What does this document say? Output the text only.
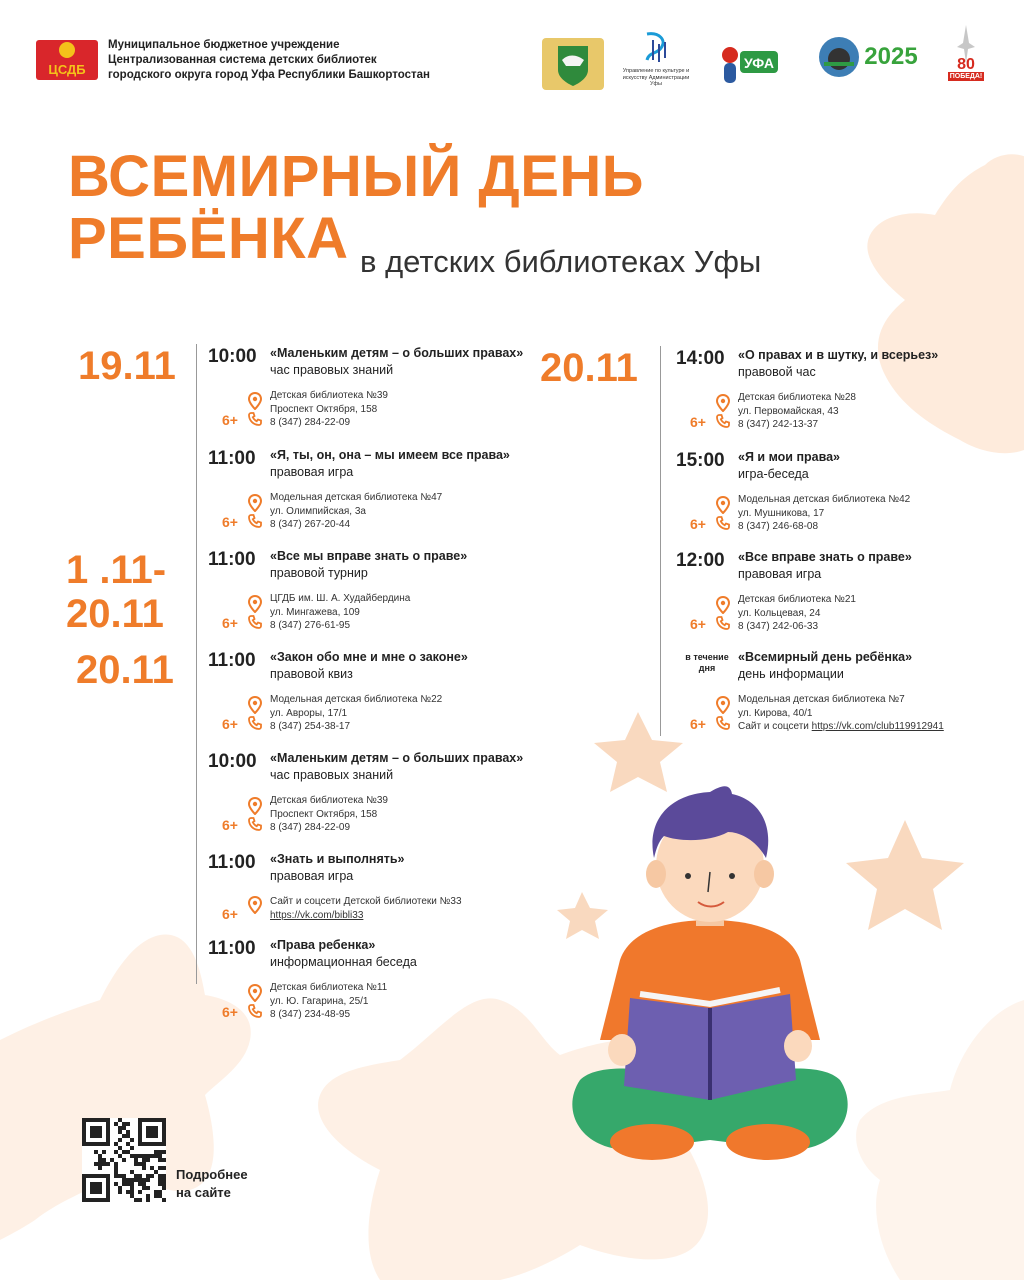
ЦСДБ
Муниципальное бюджетное учреждение
Централизованная система детских библиотек
городского округа город Уфа Республики Башкортостан	Управление по культуре и искусству Администрации Уфы
УФА	2025 80
ПОБЕДА!
ВСЕМИРНЫЙ ДЕНЬ
РЕБЁНКА в детских библиотеках Уфы
19.11
1 .11-
20.11
20.11
20.11
10:00 «Маленьким детям – о больших правах»
час правовых знаний
Детская библиотека №39
Проспект Октября, 158
8 (347) 284-22-09
6+
11:00 «Я, ты, он, она – мы имеем все права»
правовая игра
Модельная детская библиотека №47
ул. Олимпийская, 3а
8 (347) 267-20-44
6+
11:00 «Все мы вправе знать о праве»
правовой турнир
ЦГДБ им. Ш. А. Худайбердина
ул. Мингажева, 109
8 (347) 276-61-95
6+
11:00 «Закон обо мне и мне о законе»
правовой квиз
Модельная детская библиотека №22
ул. Авроры, 17/1
8 (347) 254-38-17
6+
10:00 «Маленьким детям – о больших правах»
час правовых знаний
Детская библиотека №39
Проспект Октября, 158
8 (347) 284-22-09
6+
11:00 «Знать и выполнять»
правовая игра
Сайт и соцсети Детской библиотеки №33
https://vk.com/bibli33
6+
11:00 «Права ребенка»
информационная беседа
Детская библиотека №11
ул. Ю. Гагарина, 25/1
8 (347) 234-48-95
6+
14:00 «О правах и в шутку, и всерьез»
правовой час
Детская библиотека №28
ул. Первомайская, 43
8 (347) 242-13-37
6+
15:00 «Я и мои права»
игра-беседа
Модельная детская библиотека №42
ул. Мушникова, 17
8 (347) 246-68-08
6+
12:00 «Все вправе знать о праве»
правовая игра
Детская библиотека №21
ул. Кольцевая, 24
8 (347) 242-06-33
6+
в течение дня
«Всемирный день ребёнка»
день информации
Модельная детская библиотека №7
ул. Кирова, 40/1
Сайт и соцсети https://vk.com/club119912941
6+
Подробнее
на сайте
